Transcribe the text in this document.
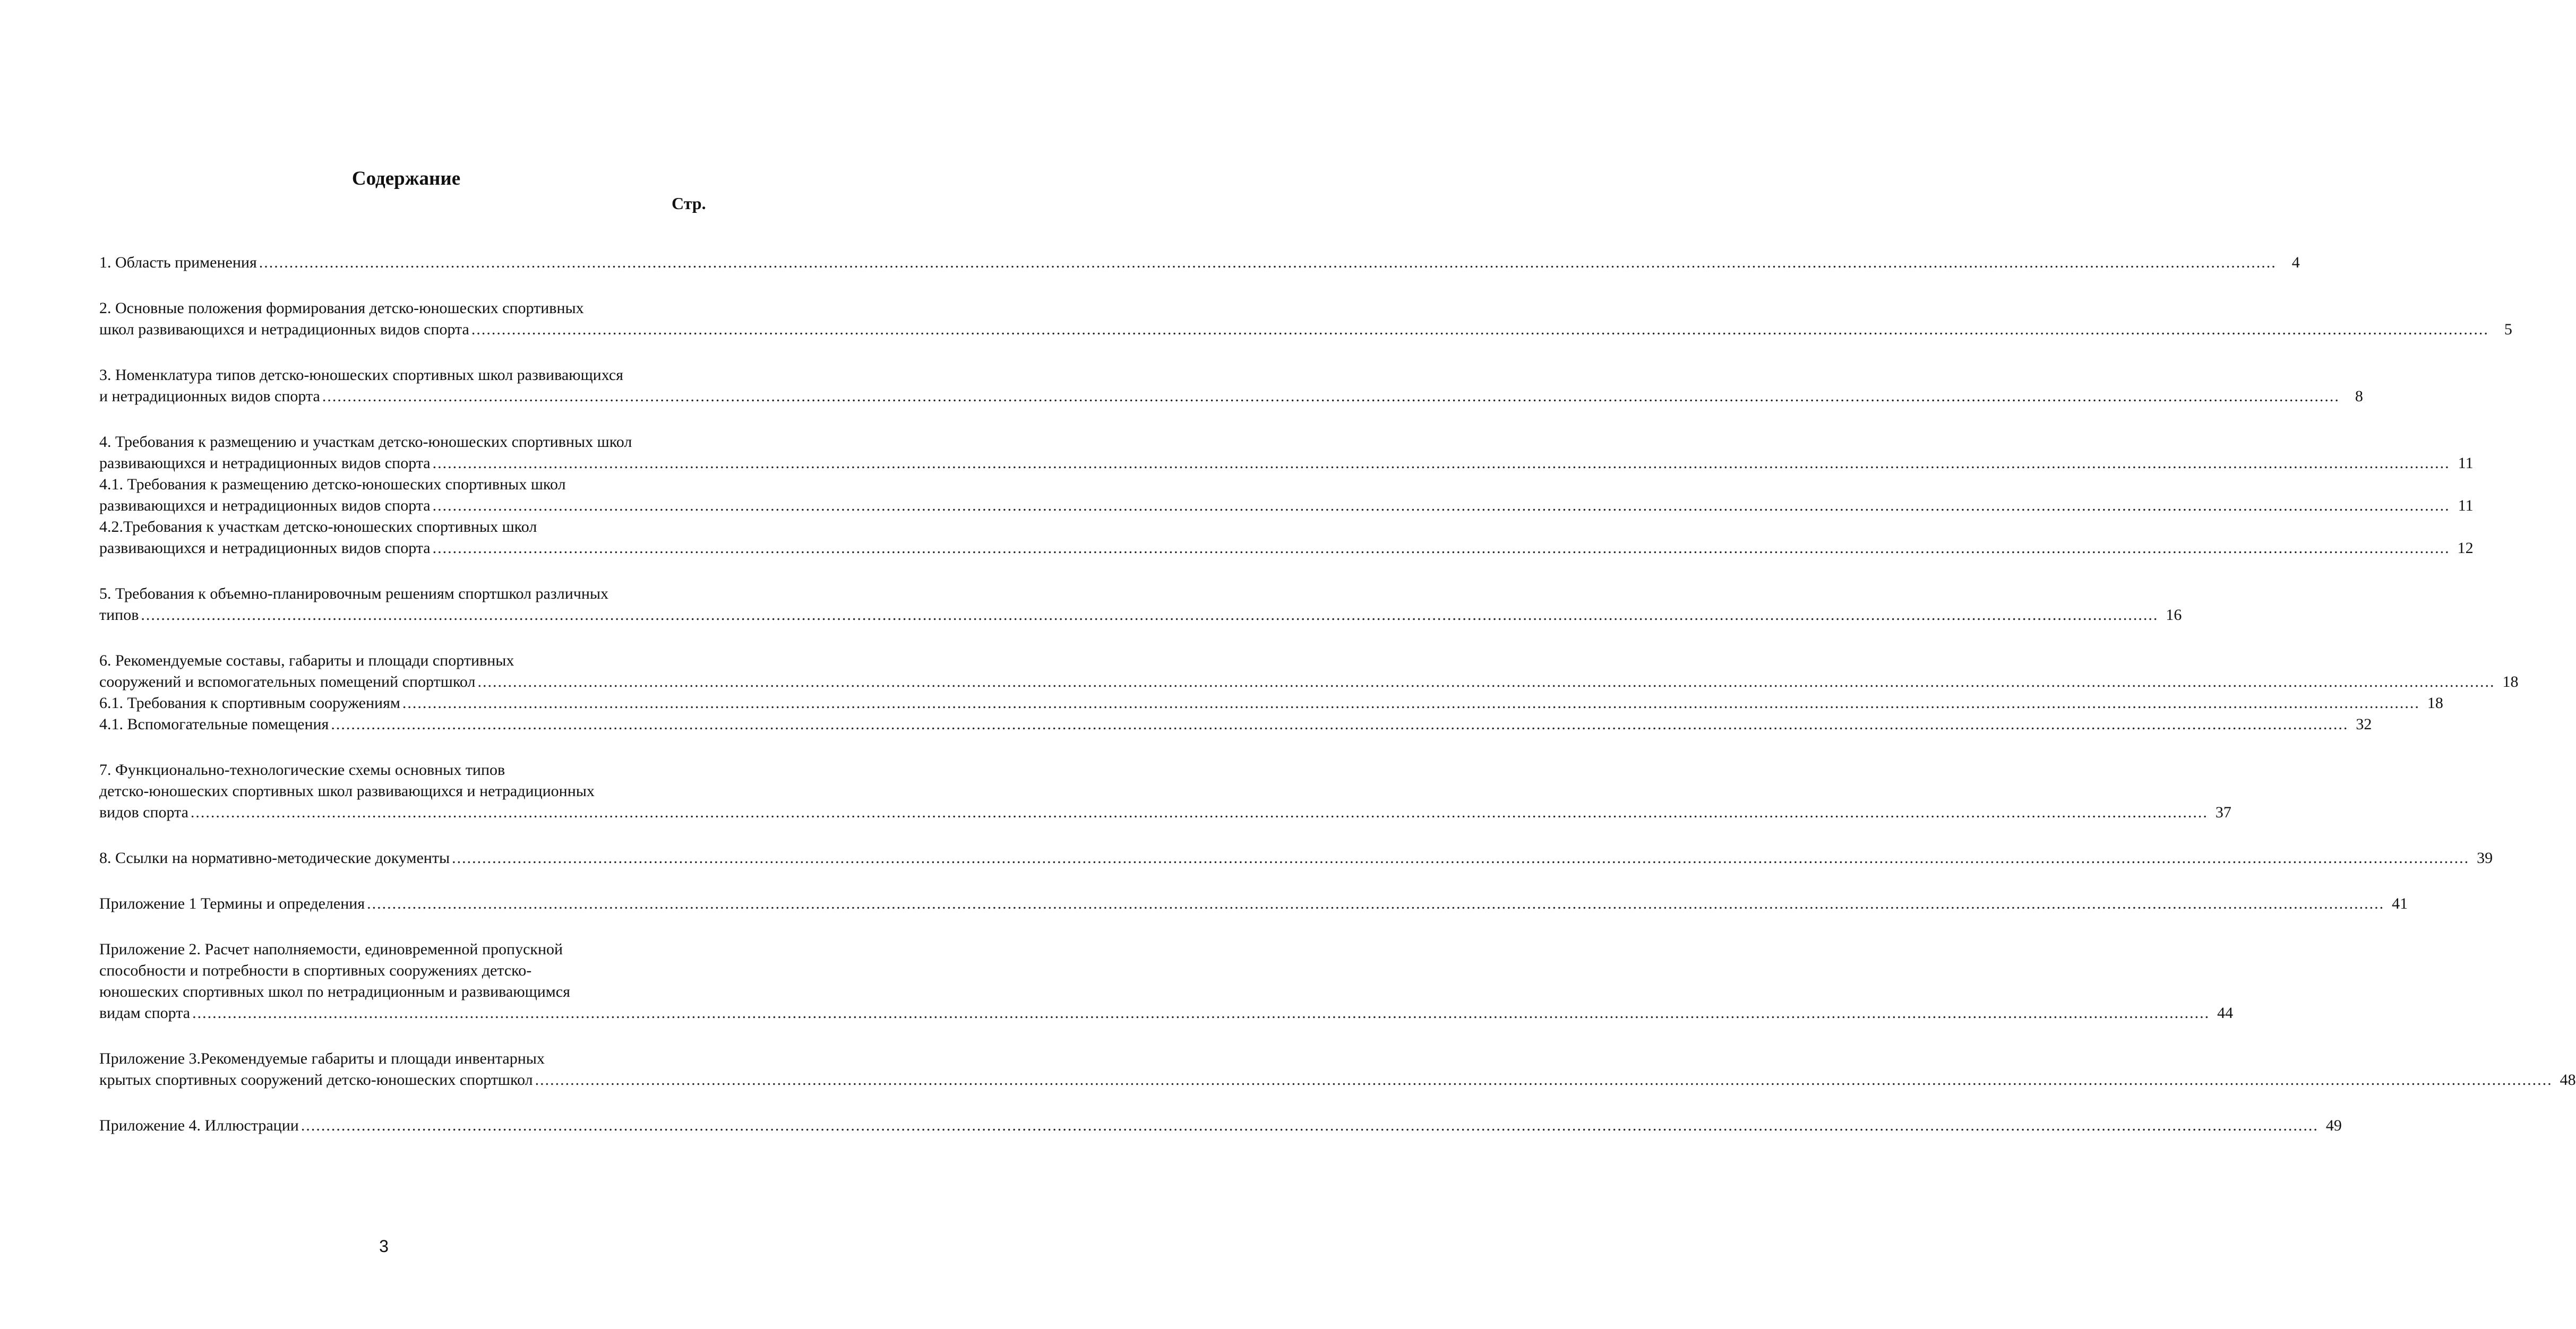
Содержание
Стр.
1. Область применения ................................................................................................................................................................................................................................................................................................................................................................................................................ 4
2. Основные положения формирования детско-юношеских спортивных
школ развивающихся и нетрадиционных видов спорта ................................................................................................................................................................................................................................................................................................................................................................................................................ 5
3. Номенклатура типов детско-юношеских спортивных школ развивающихся
и нетрадиционных видов спорта ................................................................................................................................................................................................................................................................................................................................................................................................................ 8
4. Требования к размещению и участкам детско-юношеских спортивных школ
развивающихся и нетрадиционных видов спорта ................................................................................................................................................................................................................................................................................................................................................................................................................ 11
4.1. Требования к размещению детско-юношеских спортивных школ
развивающихся и нетрадиционных видов спорта ................................................................................................................................................................................................................................................................................................................................................................................................................ 11
4.2.Требования к участкам детско-юношеских спортивных школ
развивающихся и нетрадиционных видов спорта ................................................................................................................................................................................................................................................................................................................................................................................................................ 12
5. Требования к объемно-планировочным решениям спортшкол различных
типов ................................................................................................................................................................................................................................................................................................................................................................................................................ 16
6. Рекомендуемые составы, габариты и площади спортивных
сооружений и вспомогательных помещений спортшкол ................................................................................................................................................................................................................................................................................................................................................................................................................ 18
6.1. Требования к спортивным сооружениям ................................................................................................................................................................................................................................................................................................................................................................................................................ 18
4.1. Вспомогательные помещения ................................................................................................................................................................................................................................................................................................................................................................................................................ 32
7. Функционально-технологические схемы основных типов
детско-юношеских спортивных школ развивающихся и нетрадиционных
видов спорта ................................................................................................................................................................................................................................................................................................................................................................................................................ 37
8. Ссылки на нормативно-методические документы ................................................................................................................................................................................................................................................................................................................................................................................................................ 39
Приложение 1 Термины и определения ................................................................................................................................................................................................................................................................................................................................................................................................................ 41
Приложение 2. Расчет наполняемости, единовременной пропускной
способности и потребности в спортивных сооружениях детско-
юношеских спортивных школ по нетрадиционным и развивающимся
видам спорта ................................................................................................................................................................................................................................................................................................................................................................................................................ 44
Приложение 3.Рекомендуемые габариты и площади инвентарных
крытых спортивных сооружений детско-юношеских спортшкол ................................................................................................................................................................................................................................................................................................................................................................................................................ 48
Приложение 4. Иллюстрации ................................................................................................................................................................................................................................................................................................................................................................................................................ 49
3
